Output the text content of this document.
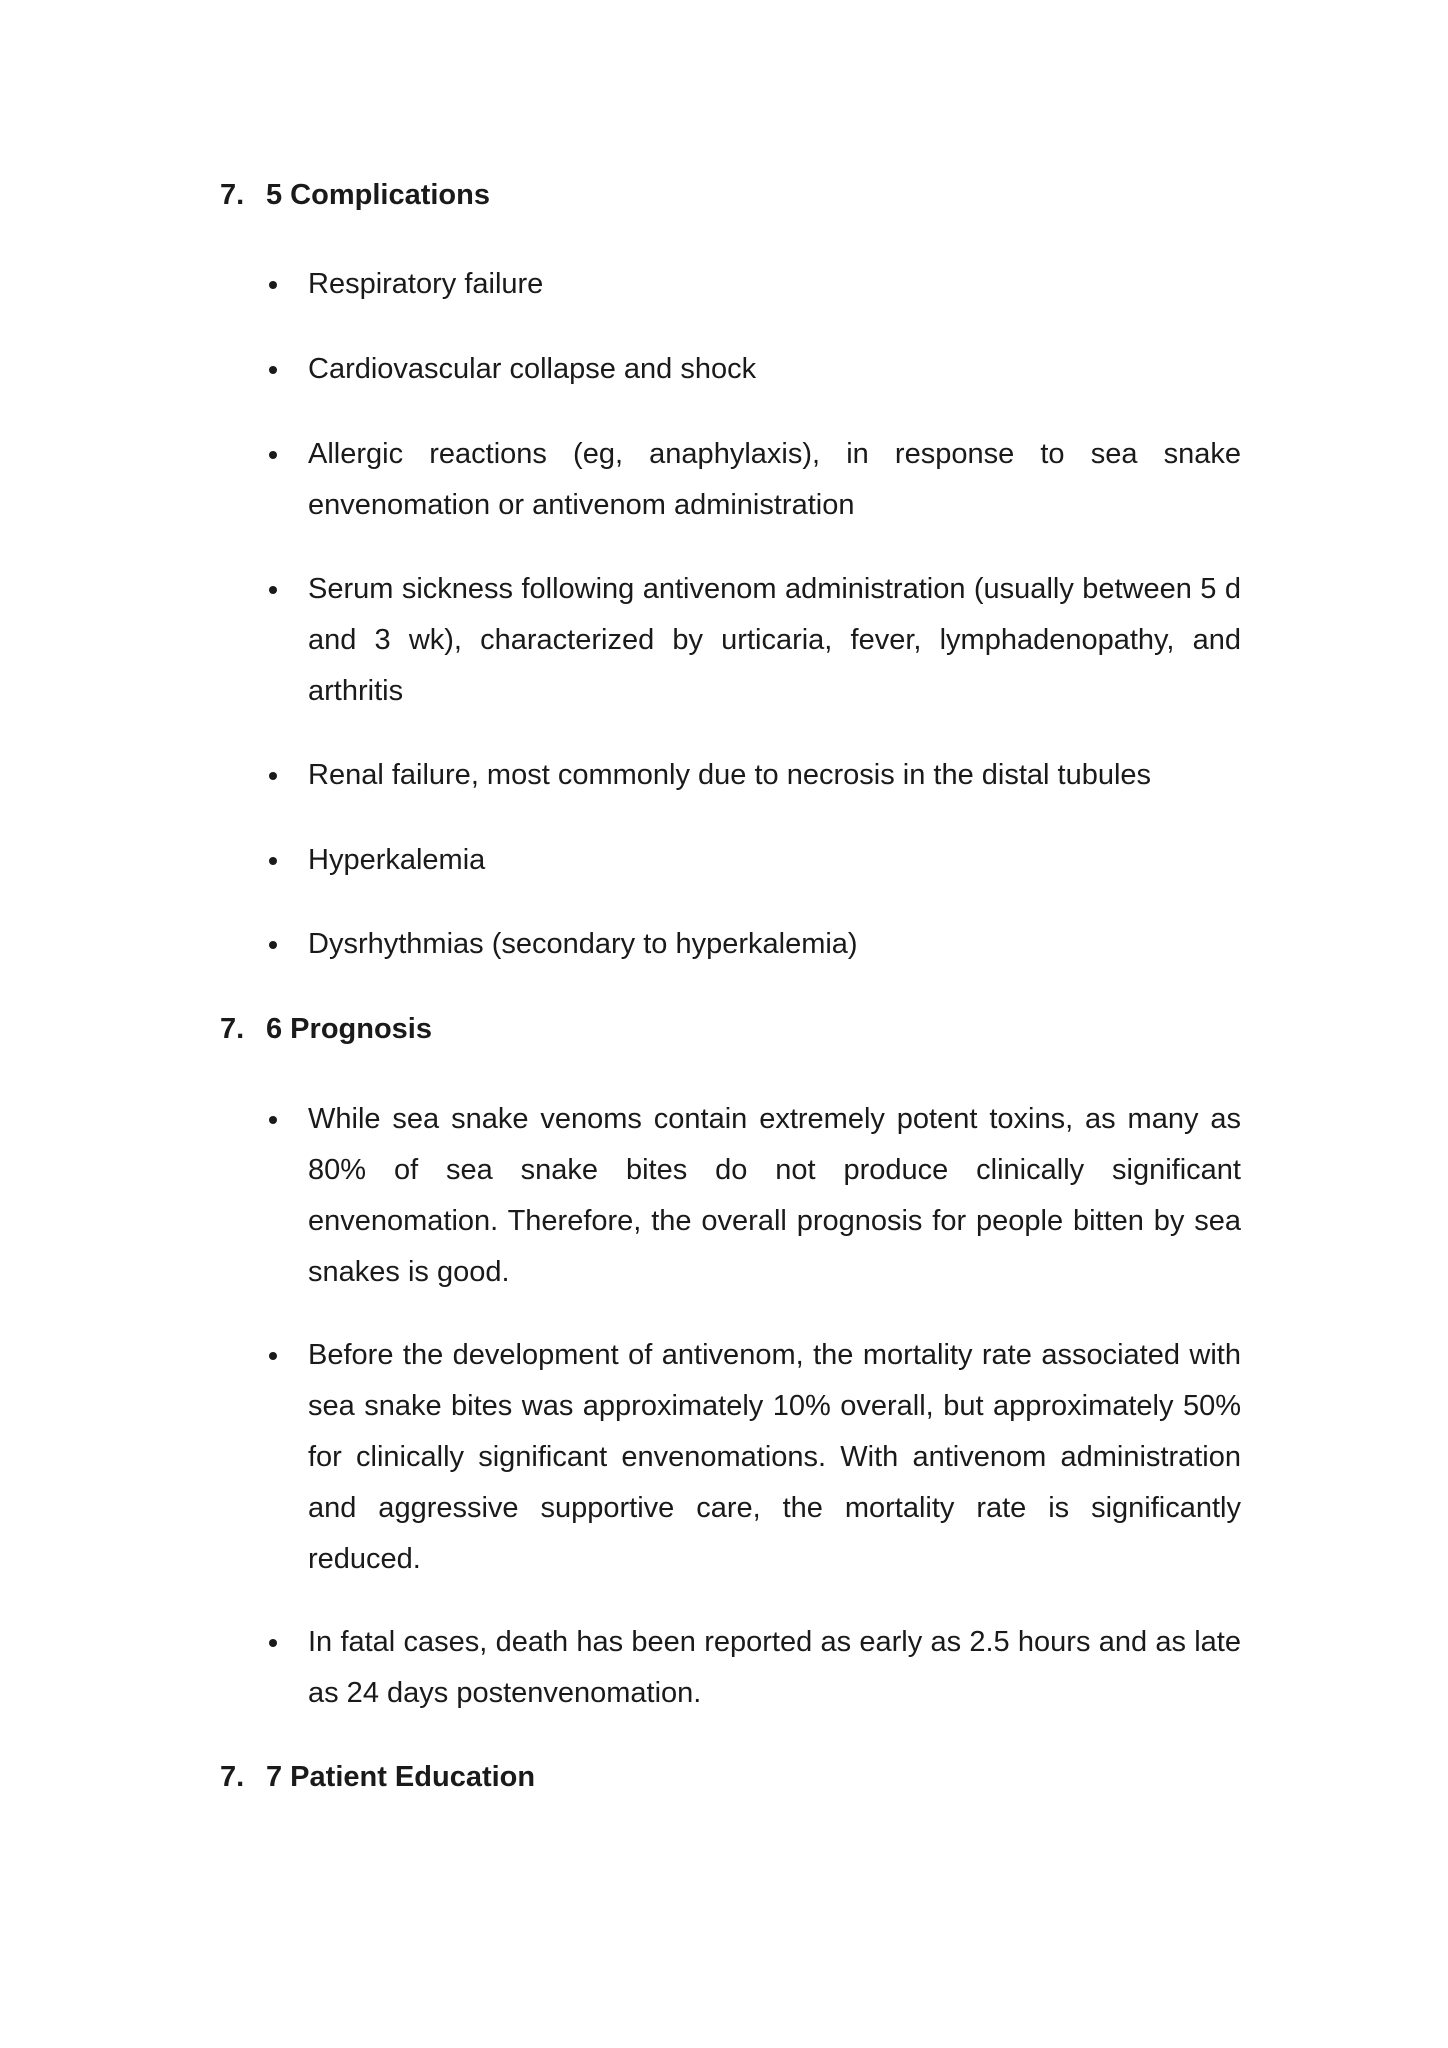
7. 5 Complications
Respiratory failure
Cardiovascular collapse and shock
Allergic reactions (eg, anaphylaxis), in response to sea snake envenomation or antivenom administration
Serum sickness following antivenom administration (usually between 5 d and 3 wk), characterized by urticaria, fever, lymphadenopathy, and arthritis
Renal failure, most commonly due to necrosis in the distal tubules
Hyperkalemia
Dysrhythmias (secondary to hyperkalemia)
7. 6 Prognosis
While sea snake venoms contain extremely potent toxins, as many as 80% of sea snake bites do not produce clinically significant envenomation. Therefore, the overall prognosis for people bitten by sea snakes is good.
Before the development of antivenom, the mortality rate associated with sea snake bites was approximately 10% overall, but approximately 50% for clinically significant envenomations. With antivenom administration and aggressive supportive care, the mortality rate is significantly reduced.
In fatal cases, death has been reported as early as 2.5 hours and as late as 24 days postenvenomation.
7. 7 Patient Education
